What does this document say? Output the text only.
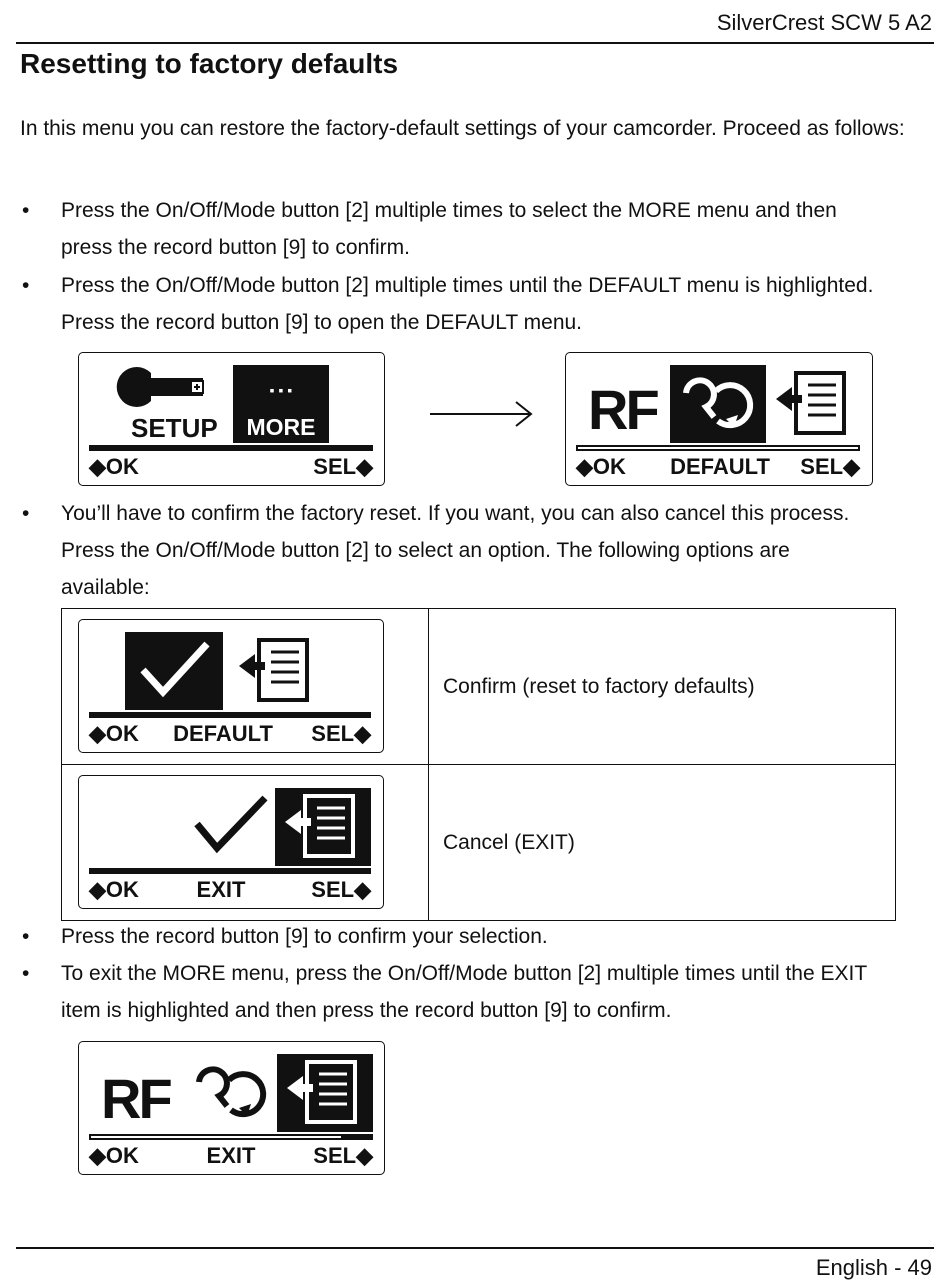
SilverCrest SCW 5 A2
Resetting to factory defaults

In this menu you can restore the factory-default settings of your camcorder. Proceed as follows:

• Press the On/Off/Mode button [2] multiple times to select the MORE menu and then
press the record button [9] to confirm.
• Press the On/Off/Mode button [2] multiple times until the DEFAULT menu is highlighted.
Press the record button [9] to open the DEFAULT menu.
SETUP
▪ ▪ ▪
MORE
◆OK	SEL◆
RF
◆OK DEFAULT SEL◆
• You’ll have to confirm the factory reset. If you want, you can also cancel this process.
Press the On/Off/Mode button [2] to select an option. The following options are
available:
◆OK DEFAULT SEL◆	Confirm (reset to factory defaults)

◆OK EXIT SEL◆	Cancel (EXIT)
• Press the record button [9] to confirm your selection.
• To exit the MORE menu, press the On/Off/Mode button [2] multiple times until the EXIT
item is highlighted and then press the record button [9] to confirm.
RF
◆OK	EXIT	SEL◆
English - 49
